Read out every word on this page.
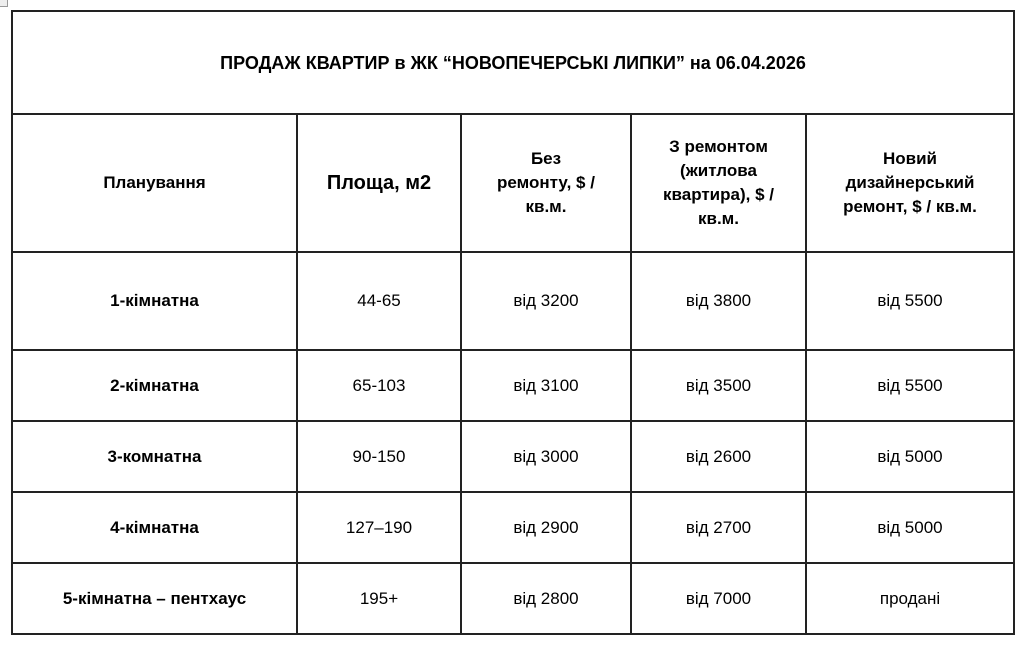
ПРОДАЖ КВАРТИР в ЖК “НОВОПЕЧЕРСЬКІ ЛИПКИ” на 06.04.2026				
Планування	Площа, м2	Без ремонту, $ / кв.м.	З ремонтом (житлова квартира), $ / кв.м.	Новий дизайнерський ремонт, $ / кв.м.
1-кімнатна	44-65	від 3200	від 3800	від 5500
2-кімнатна	65-103	від 3100	від 3500	від 5500
3-комнатна	90-150	від 3000	від 2600	від 5000
4-кімнатна	127–190	від 2900	від 2700	від 5000
5-кімнатна – пентхаус	195+	від 2800	від 7000	продані
